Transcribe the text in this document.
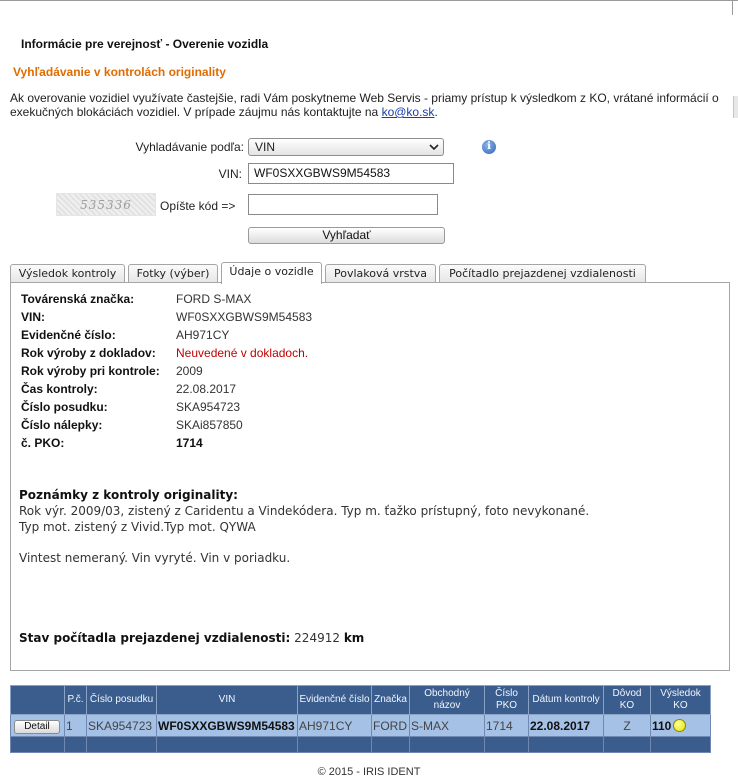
Informácie pre verejnosť - Overenie vozidla
Vyhľadávanie v kontrolách originality
Ak overovanie vozidiel využívate častejšie, radi Vám poskytneme Web Servis - priamy prístup k výsledkom z KO, vrátané informácií o exekučných blokáciách vozidiel. V prípade záujmu nás kontaktujte na ko@ko.sk.
Vyhladávanie podľa: VIN	i
VIN:	WF0SXXGBWS9M54583
535336	Opíšte kód =>
Vyhľadať
Výsledok kontroly	Fotky (výber)	Údaje o vozidle	Povlaková vrstva	Počítadlo prejazdenej vzdialenosti
Továrenská značka:	FORD S-MAX
VIN:	WF0SXXGBWS9M54583
Evidenčné číslo:	AH971CY
Rok výroby z dokladov: Neuvedené v dokladoch.
Rok výroby pri kontrole: 2009
Čas kontroly:	22.08.2017
Číslo posudku:	SKA954723
Číslo nálepky:	SKAi857850
č. PKO:	1714
Poznámky z kontroly originality:
Rok výr. 2009/03, zistený z Caridentu a Vindekódera. Typ m. ťažko prístupný, foto nevykonané.
Typ mot. zistený z Vivid.Typ mot. QYWA
Vintest nemeraný. Vin vyryté. Vin v poriadku.
Stav počítadla prejazdenej vzdialenosti: 224912 km
	P.č.	Číslo posudku	VIN	Evidenčné číslo	Značka	Obchodný názov	Číslo PKO	Dátum kontroly	Dôvod KO	Výsledok KO
Detail	1	SKA954723	WF0SXXGBWS9M54583	AH971CY	FORD	S-MAX	1714	22.08.2017	Z	110

© 2015 - IRIS IDENT
